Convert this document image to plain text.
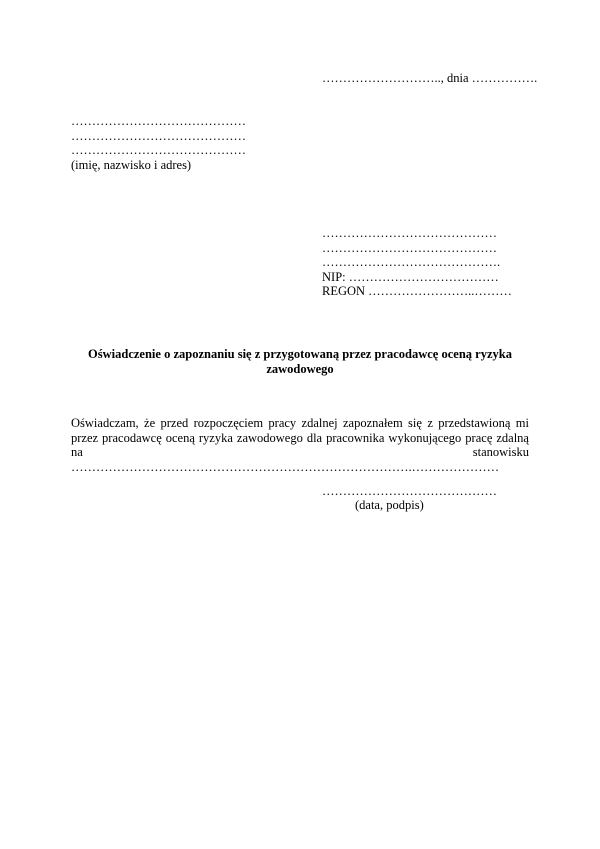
……………………….., dnia …………….
……………………………………
……………………………………
……………………………………
(imię, nazwisko i adres)
……………………………………
……………………………………
…………………………………….
NIP: ………………………………
REGON ……………………..………
Oświadczenie o zapoznaniu się z przygotowaną przez pracodawcę oceną ryzyka zawodowego
Oświadczam, że przed rozpoczęciem pracy zdalnej zapoznałem się z przedstawioną mi przez pracodawcę oceną ryzyka zawodowego dla pracownika wykonującego pracę zdalną na stanowisku ……………………………………………………………………….…………………
……………………………………
(data, podpis)
